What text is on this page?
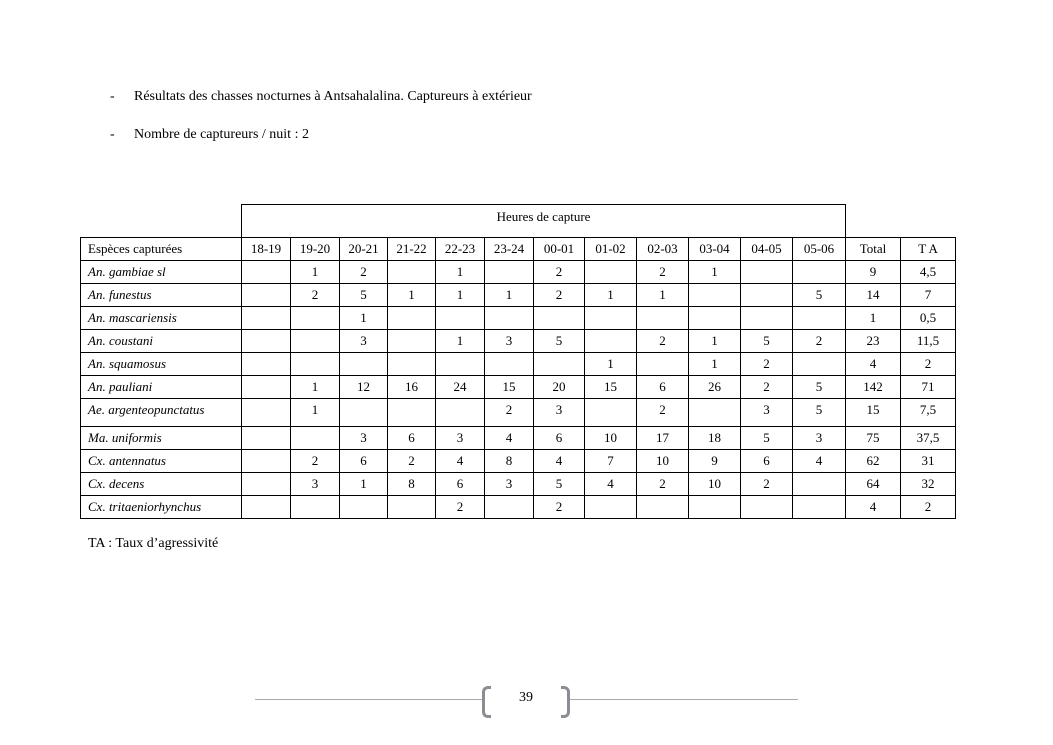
- Résultats des chasses nocturnes à Antsahalalina. Captureurs à extérieur
- Nombre de captureurs / nuit : 2
	Heures de capture													
Espèces capturées	18-19	19-20	20-21	21-22	22-23	23-24	00-01	01-02	02-03	03-04	04-05	05-06	Total	T A
An. gambiae sl		1	2		1		2		2	1			9	4,5
An. funestus		2	5	1	1	1	2	1	1			5	14	7
An. mascariensis			1										1	0,5
An. coustani			3		1	3	5		2	1	5	2	23	11,5
An. squamosus								1		1	2		4	2
An. pauliani		1	12	16	24	15	20	15	6	26	2	5	142	71
Ae. argenteopunctatus		1				2	3		2		3	5	15	7,5
Ma. uniformis			3	6	3	4	6	10	17	18	5	3	75	37,5
Cx. antennatus		2	6	2	4	8	4	7	10	9	6	4	62	31
Cx. decens		3	1	8	6	3	5	4	2	10	2		64	32
Cx. tritaeniorhynchus					2		2						4	2
TA : Taux d’agressivité
39
